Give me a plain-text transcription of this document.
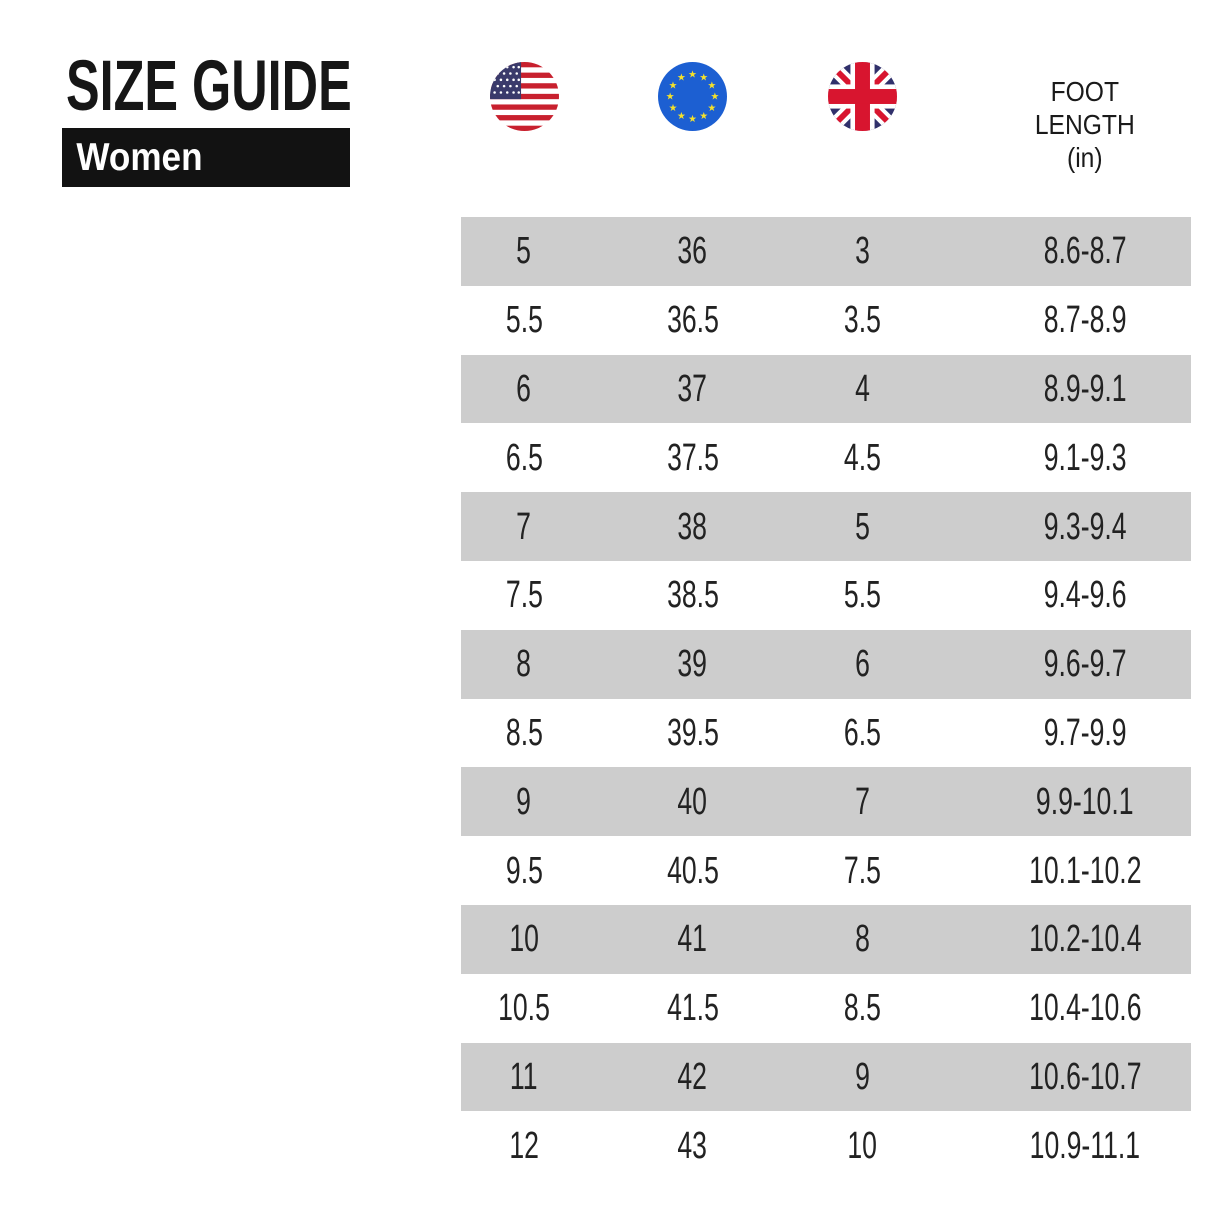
SIZE GUIDE
Women
★ ★
★
★
★
★
★
★
★
★
★
★	FOOT
LENGTH
(in)
5	36	3	8.6-8.7
5.5	36.5	3.5	8.7-8.9
6	37	4	8.9-9.1
6.5	37.5	4.5	9.1-9.3
7	38	5	9.3-9.4
7.5	38.5	5.5	9.4-9.6
8	39	6	9.6-9.7
8.5	39.5	6.5	9.7-9.9
9	40	7	9.9-10.1
9.5	40.5	7.5	10.1-10.2
10	41	8	10.2-10.4
10.5	41.5	8.5	10.4-10.6
11	42	9	10.6-10.7
12	43	10	10.9-11.1
